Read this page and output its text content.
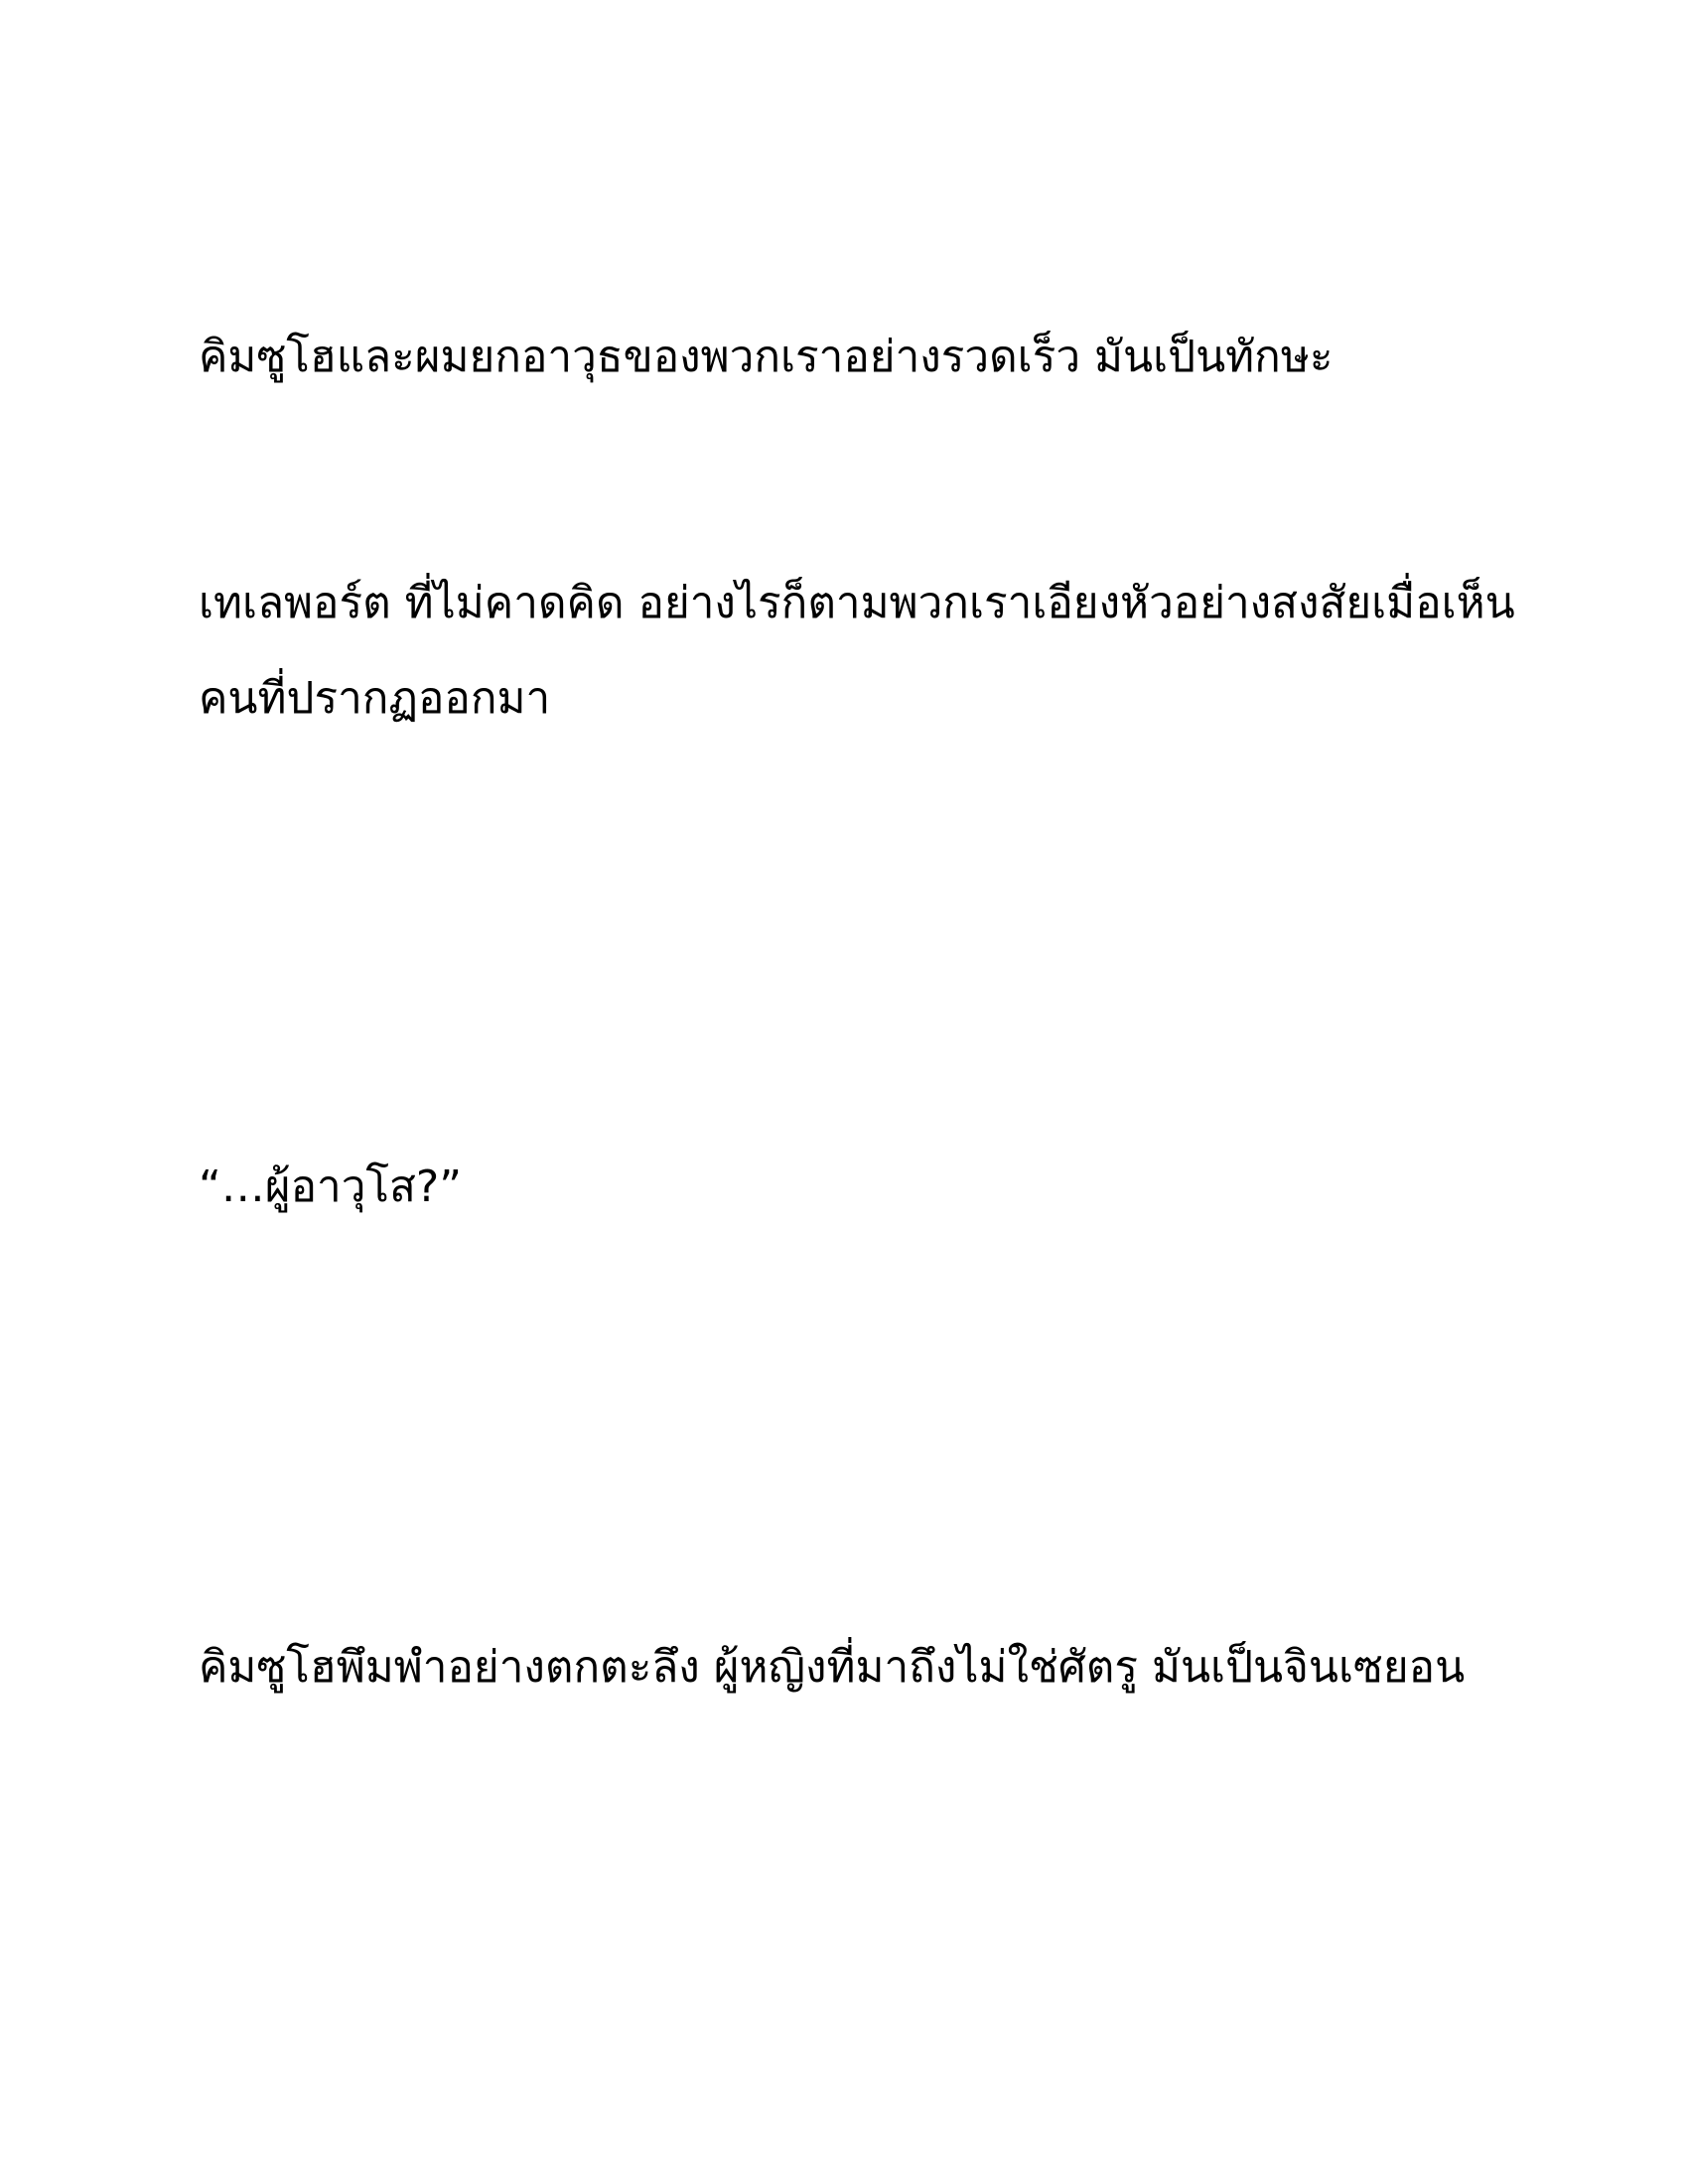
คิมซูโฮและผมยกอาวุธของพวกเราอย่างรวดเร็ว มันเป็นทักษะ

เทเลพอร์ต ที่ไม่คาดคิด อย่างไรก็ตามพวกเราเอียงหัวอย่างสงสัยเมื่อเห็น
คนที่ปรากฏออกมา

“…ผู้อาวุโส?”

คิมซูโฮพึมพำอย่างตกตะลึง ผู้หญิงที่มาถึงไม่ใช่ศัตรู มันเป็นจินเซยอน
